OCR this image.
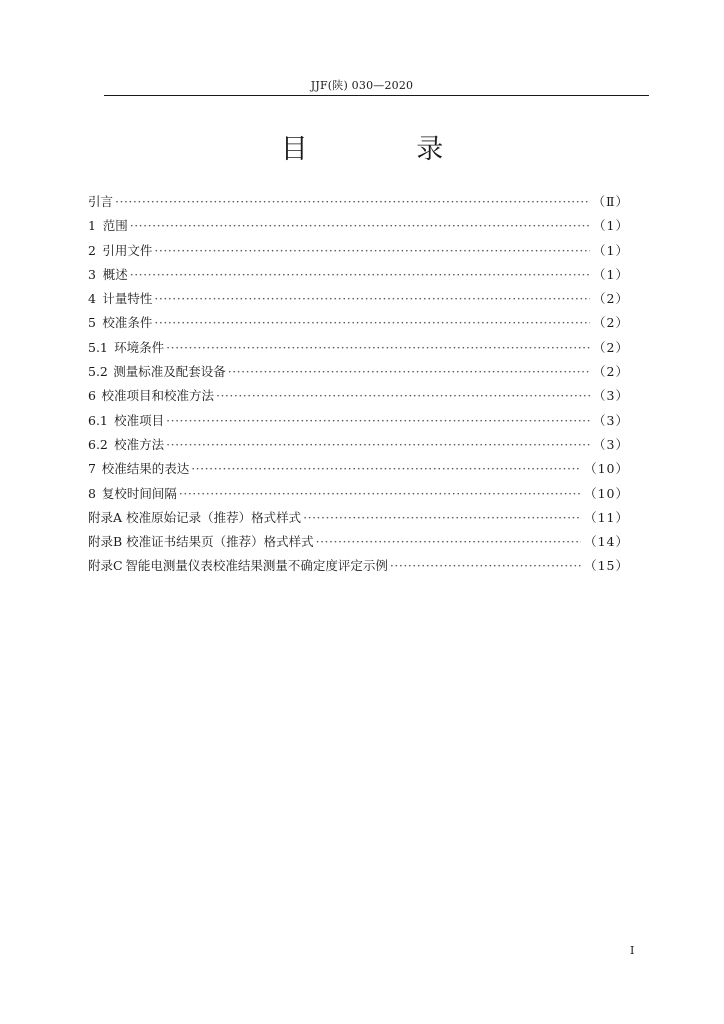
JJF(陕) 030—2020
目 录
引言 ·····	（Ⅱ）
1 范围 ·····	（1）
2 引用文件 ·····	（1）
3 概述 ·····	（1）
4 计量特性 ·····	（2）
5 校准条件 ·····	（2）
5.1 环境条件 ·····	（2）
5.2 测量标准及配套设备 ·····	（2）
6 校准项目和校准方法 ·····	（3）
6.1 校准项目 ·····	（3）
6.2 校准方法 ·····	（3）
7 校准结果的表达 ·····	（10）
8 复校时间间隔 ·····	（10）
附录A 校准原始记录（推荐）格式样式 ·····	（11）
附录B 校准证书结果页（推荐）格式样式 ·····	（14）
附录C 智能电测量仪表校准结果测量不确定度评定示例 ·····	（15）
I
